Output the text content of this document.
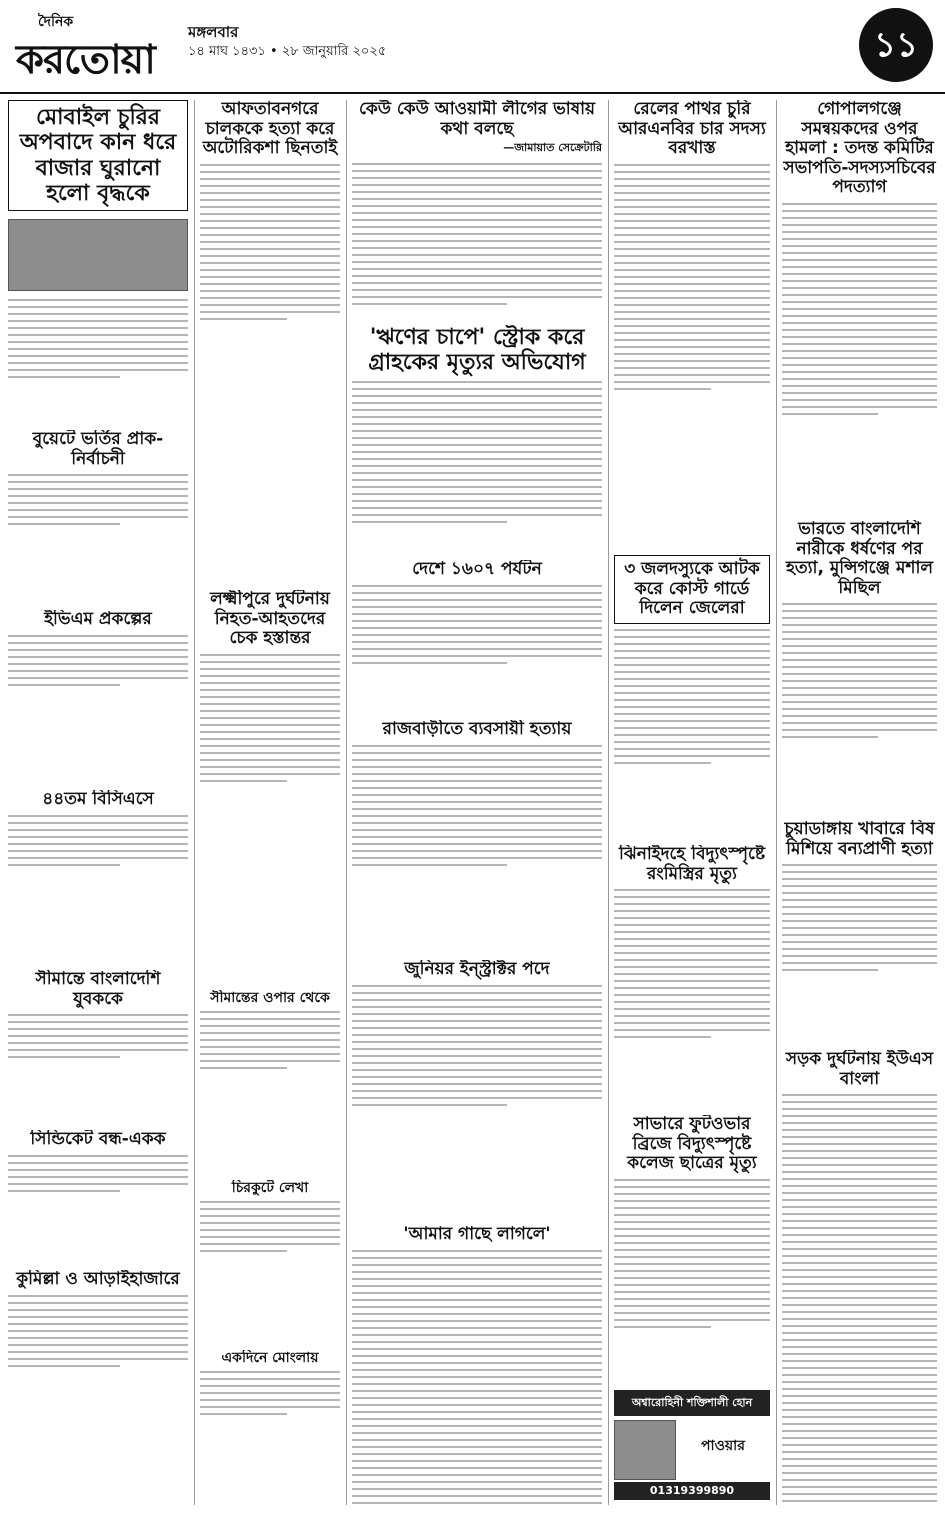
দৈনিক
করতোয়া
মঙ্গলবার
১৪ মাঘ ১৪৩১ • ২৮ জানুয়ারি ২০২৫	১১
মোবাইল চুরির অপবাদে কান ধরে বাজার ঘুরানো হলো বৃদ্ধকে
বুয়েটে ভর্তির প্রাক-নির্বাচনী
ইভিএম প্রকল্পের
৪৪তম বিসিএসে
সীমান্তে বাংলাদেশি যুবককে
সিন্ডিকেট বন্ধ-একক
কুমিল্লা ও আড়াইহাজারে
আফতাবনগরে চালককে হত্যা করে অটোরিকশা ছিনতাই
লক্ষ্মীপুরে দুর্ঘটনায় নিহত-আহতদের চেক হস্তান্তর
সীমান্তের ওপার থেকে
চিরকুটে লেখা
একদিনে মোংলায়
কেউ কেউ আওয়ামী লীগের ভাষায় কথা বলছে
—জামায়াত সেক্রেটারি
'ঋণের চাপে' স্ট্রোক করে গ্রাহকের মৃত্যুর অভিযোগ
দেশে ১৬০৭ পর্যটন
রাজবাড়ীতে ব্যবসায়ী হত্যায়
জুনিয়র ইন্স্ট্রাক্টর পদে
'আমার গাছে লাগলে'
রেলের পাথর চুরি আরএনবির চার সদস্য বরখাস্ত
৩ জলদস্যুকে আটক করে কোস্ট গার্ডে দিলেন জেলেরা
ঝিনাইদহে বিদ্যুৎস্পৃষ্টে রংমিস্ত্রির মৃত্যু
সাভারে ফুটওভার ব্রিজে বিদ্যুৎস্পৃষ্টে কলেজ ছাত্রের মৃত্যু
অশ্বারোহিনী শক্তিশালী হোন
পাওয়ার
01319399890
গোপালগঞ্জে সমন্বয়কদের ওপর হামলা : তদন্ত কমিটির সভাপতি-সদস্যসচিবের পদত্যাগ
ভারতে বাংলাদেশি নারীকে ধর্ষণের পর হত্যা, মুন্সিগঞ্জে মশাল মিছিল
চুয়াডাঙ্গায় খাবারে বিষ মিশিয়ে বন্যপ্রাণী হত্যা
সড়ক দুর্ঘটনায় ইউএস বাংলা
